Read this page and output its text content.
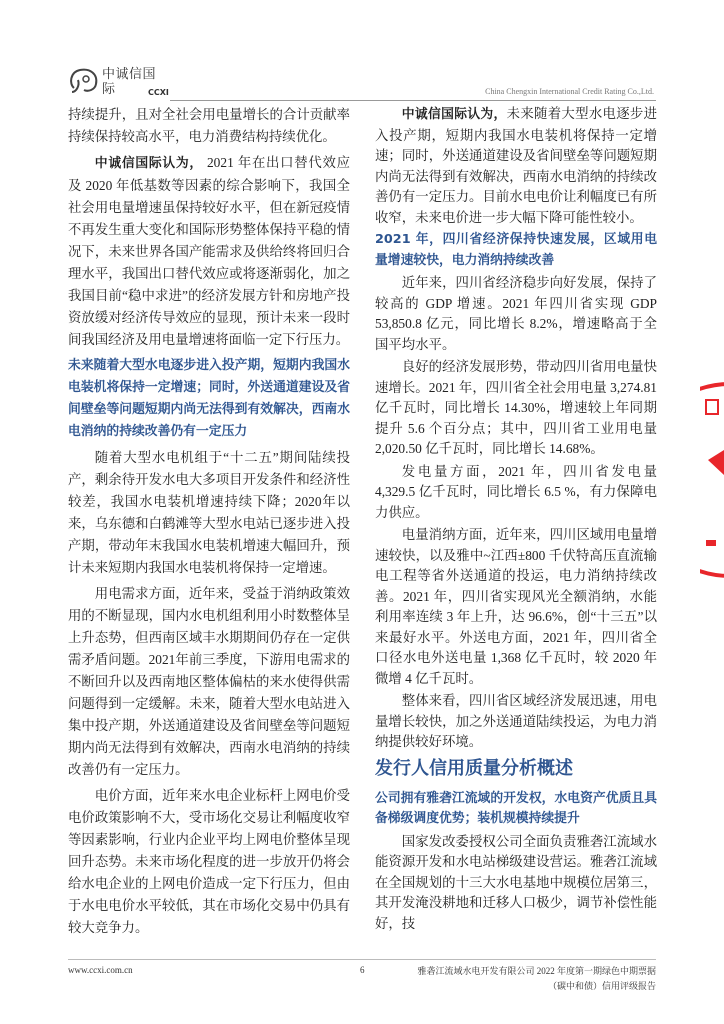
中诚信国际	CCXI	China Chengxin International Credit Rating Co.,Ltd.

持续提升，且对全社会用电量增长的合计贡献率持续保持较高水平，电力消费结构持续优化。

中诚信国际认为， 2021 年在出口替代效应及 2020 年低基数等因素的综合影响下，我国全社会用电量增速虽保持较好水平，但在新冠疫情不再发生重大变化和国际形势整体保持平稳的情况下，未来世界各国产能需求及供给终将回归合理水平，我国出口替代效应或将逐渐弱化，加之我国目前“稳中求进”的经济发展方针和房地产投资放缓对经济传导效应的显现，预计未来一段时间我国经济及用电量增速将面临一定下行压力。

未来随着大型水电逐步进入投产期，短期内我国水电装机将保持一定增速；同时，外送通道建设及省间壁垒等问题短期内尚无法得到有效解决，西南水电消纳的持续改善仍有一定压力

随着大型水电机组于“十二五”期间陆续投产，剩余待开发水电大多项目开发条件和经济性较差，我国水电装机增速持续下降；2020年以来，乌东德和白鹤滩等大型水电站已逐步进入投产期，带动年末我国水电装机增速大幅回升，预计未来短期内我国水电装机将保持一定增速。

用电需求方面，近年来，受益于消纳政策效用的不断显现，国内水电机组利用小时数整体呈上升态势，但西南区域丰水期期间仍存在一定供需矛盾问题。2021年前三季度，下游用电需求的不断回升以及西南地区整体偏枯的来水使得供需问题得到一定缓解。未来，随着大型水电站进入集中投产期，外送通道建设及省间壁垒等问题短期内尚无法得到有效解决，西南水电消纳的持续改善仍有一定压力。

电价方面，近年来水电企业标杆上网电价受电价政策影响不大，受市场化交易让利幅度收窄等因素影响，行业内企业平均上网电价整体呈现回升态势。未来市场化程度的进一步放开仍将会给水电企业的上网电价造成一定下行压力，但由于水电电价水平较低，其在市场化交易中仍具有较大竞争力。

中诚信国际认为，未来随着大型水电逐步进入投产期，短期内我国水电装机将保持一定增速；同时，外送通道建设及省间壁垒等问题短期内尚无法得到有效解决，西南水电消纳的持续改善仍有一定压力。目前水电电价让利幅度已有所收窄，未来电价进一步大幅下降可能性较小。

2021 年，四川省经济保持快速发展，区域用电量增速较快，电力消纳持续改善

近年来，四川省经济稳步向好发展，保持了较高的 GDP 增速。2021 年四川省实现 GDP 53,850.8 亿元，同比增长 8.2%，增速略高于全国平均水平。

良好的经济发展形势，带动四川省用电量快速增长。2021 年，四川省全社会用电量 3,274.81 亿千瓦时，同比增长 14.30%，增速较上年同期提升 5.6 个百分点；其中，四川省工业用电量 2,020.50 亿千瓦时，同比增长 14.68%。

发电量方面，2021 年，四川省发电量 4,329.5 亿千瓦时，同比增长 6.5 %，有力保障电力供应。

电量消纳方面，近年来，四川区域用电量增速较快，以及雅中~江西±800 千伏特高压直流输电工程等省外送通道的投运，电力消纳持续改善。2021 年，四川省实现风光全额消纳，水能利用率连续 3 年上升，达 96.6%，创“十三五”以来最好水平。外送电方面，2021 年，四川省全口径水电外送电量 1,368 亿千瓦时，较 2020 年微增 4 亿千瓦时。

整体来看，四川省区域经济发展迅速，用电量增长较快，加之外送通道陆续投运，为电力消纳提供较好环境。

发行人信用质量分析概述
公司拥有雅砻江流域的开发权，水电资产优质且具备梯级调度优势；装机规模持续提升

国家发改委授权公司全面负责雅砻江流域水能资源开发和水电站梯级建设营运。雅砻江流域在全国规划的十三大水电基地中规模位居第三，其开发淹没耕地和迁移人口极少，调节补偿性能好，技

www.ccxi.com.cn	6	雅砻江流域水电开发有限公司 2022 年度第一期绿色中期票据
（碳中和债）信用评级报告
